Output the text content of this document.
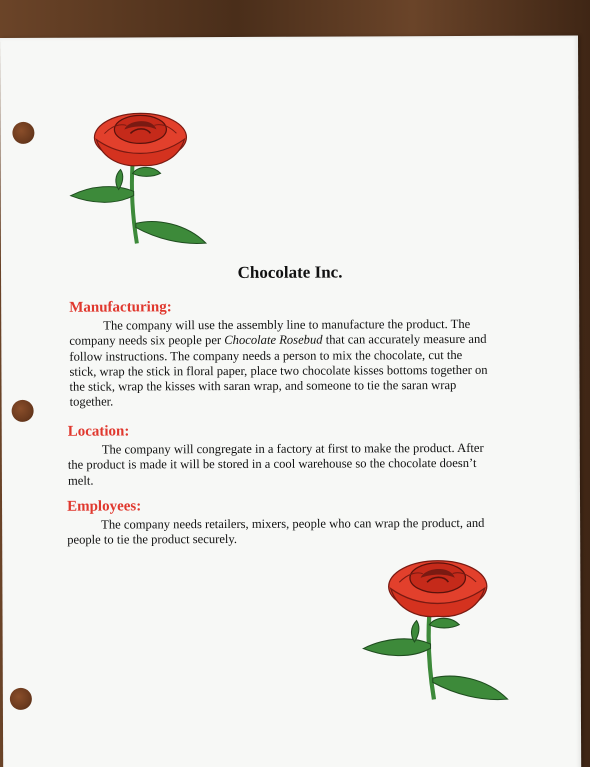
Chocolate Inc.
Manufacturing:
The company will use the assembly line to manufacture the product. The
company needs six people per Chocolate Rosebud that can accurately measure and
follow instructions. The company needs a person to mix the chocolate, cut the
stick, wrap the stick in floral paper, place two chocolate kisses bottoms together on
the stick, wrap the kisses with saran wrap, and someone to tie the saran wrap
together.
Location:
The company will congregate in a factory at first to make the product. After
the product is made it will be stored in a cool warehouse so the chocolate doesn’t
melt.
Employees:
The company needs retailers, mixers, people who can wrap the product, and
people to tie the product securely.
